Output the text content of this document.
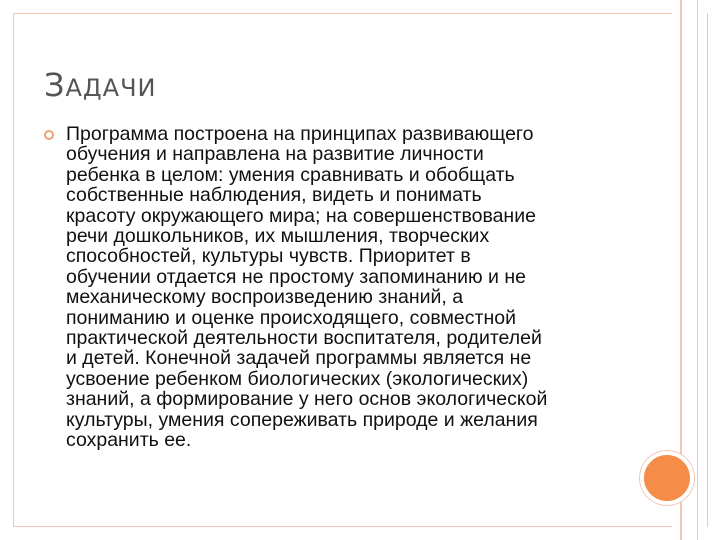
ЗАДАЧИ
Программа построена на принципах развивающего
обучения и направлена на развитие личности
ребенка в целом: умения сравнивать и обобщать
собственные наблюдения, видеть и понимать
красоту окружающего мира; на совершенствование
речи дошкольников, их мышления, творческих
способностей, культуры чувств. Приоритет в
обучении отдается не простому запоминанию и не
механическому воспроизведению знаний, а
пониманию и оценке происходящего, совместной
практической деятельности воспитателя, родителей
и детей. Конечной задачей программы является не
усвоение ребенком биологических (экологических)
знаний, а формирование у него основ экологической
культуры, умения сопереживать природе и желания
сохранить ее.
